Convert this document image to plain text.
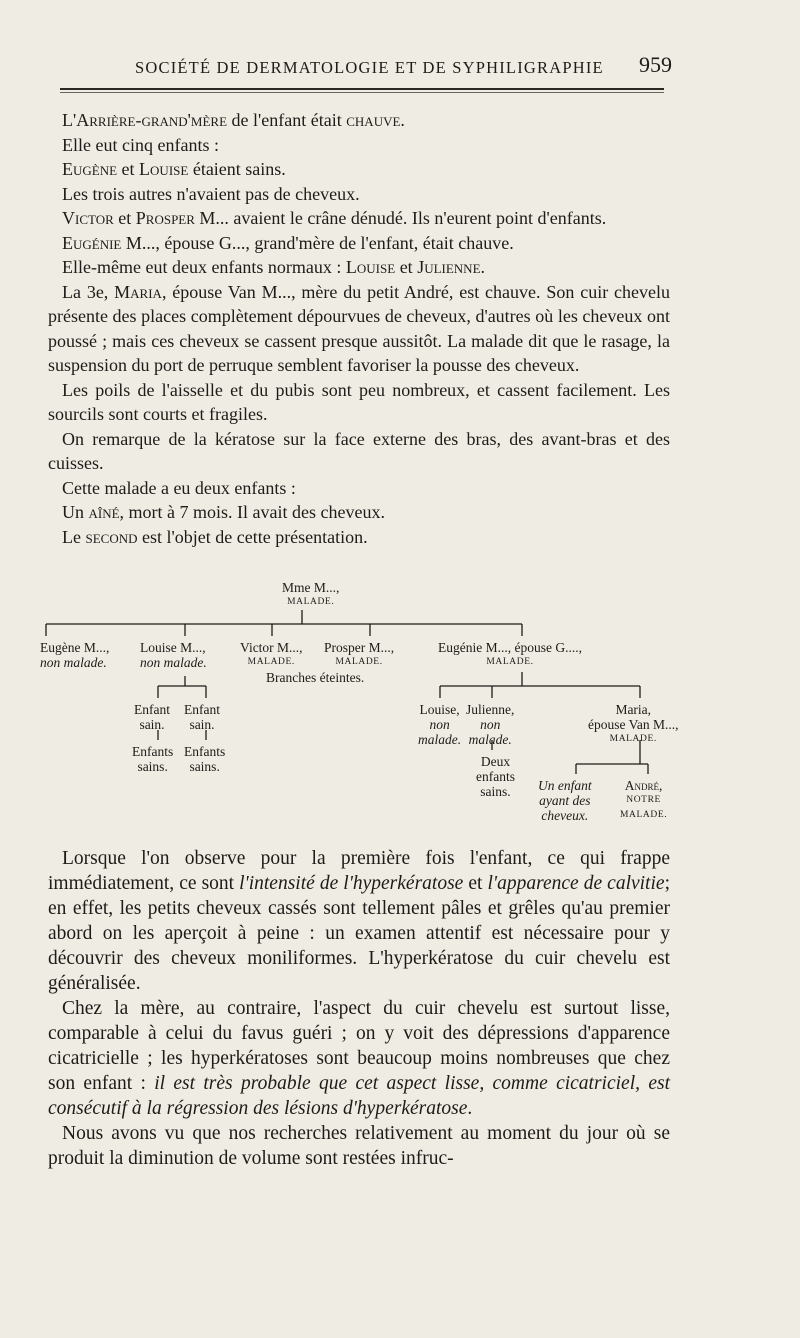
SOCIÉTÉ DE DERMATOLOGIE ET DE SYPHILIGRAPHIE 959

L'Arrière-grand'mère de l'enfant était chauve.

Elle eut cinq enfants :

Eugène et Louise étaient sains.

Les trois autres n'avaient pas de cheveux.

Victor et Prosper M... avaient le crâne dénudé. Ils n'eurent point d'enfants.

Eugénie M..., épouse G..., grand'mère de l'enfant, était chauve.

Elle-même eut deux enfants normaux : Louise et Julienne.

La 3e, Maria, épouse Van M..., mère du petit André, est chauve. Son cuir chevelu présente des places complètement dépourvues de cheveux, d'autres où les cheveux ont poussé ; mais ces cheveux se cassent presque aussitôt. La malade dit que le rasage, la suspension du port de perruque semblent favoriser la pousse des cheveux.

Les poils de l'aisselle et du pubis sont peu nombreux, et cassent facilement. Les sourcils sont courts et fragiles.

On remarque de la kératose sur la face externe des bras, des avant-bras et des cuisses.

Cette malade a eu deux enfants :

Un aîné, mort à 7 mois. Il avait des cheveux.

Le second est l'objet de cette présentation.

Mme M...,
MALADE.
Eugène M...,
non malade.
Louise M...,
non malade.
Victor M...,
MALADE.
Prosper M...,
MALADE.
Branches éteintes.
Eugénie M..., épouse G....,
MALADE.
Enfant
sain.
Enfant
sain.
Enfants
sains.
Enfants
sains.
Louise,
non
malade.
Julienne,
non
malade.
Maria,
épouse Van M...,
MALADE.
Deux
enfants
sains.	Un enfant
ayant des
cheveux.
André,
NOTRE
MALADE.

Lorsque l'on observe pour la première fois l'enfant, ce qui frappe immédiatement, ce sont l'intensité de l'hyperkératose et l'apparence de calvitie; en effet, les petits cheveux cassés sont tellement pâles et grêles qu'au premier abord on les aperçoit à peine : un examen attentif est nécessaire pour y découvrir des cheveux moniliformes. L'hyperkératose du cuir chevelu est généralisée.

Chez la mère, au contraire, l'aspect du cuir chevelu est surtout lisse, comparable à celui du favus guéri ; on y voit des dépressions d'apparence cicatricielle ; les hyperkératoses sont beaucoup moins nombreuses que chez son enfant : il est très probable que cet aspect lisse, comme cicatriciel, est consécutif à la régression des lésions d'hyperkératose.

Nous avons vu que nos recherches relativement au moment du jour où se produit la diminution de volume sont restées infruc-
